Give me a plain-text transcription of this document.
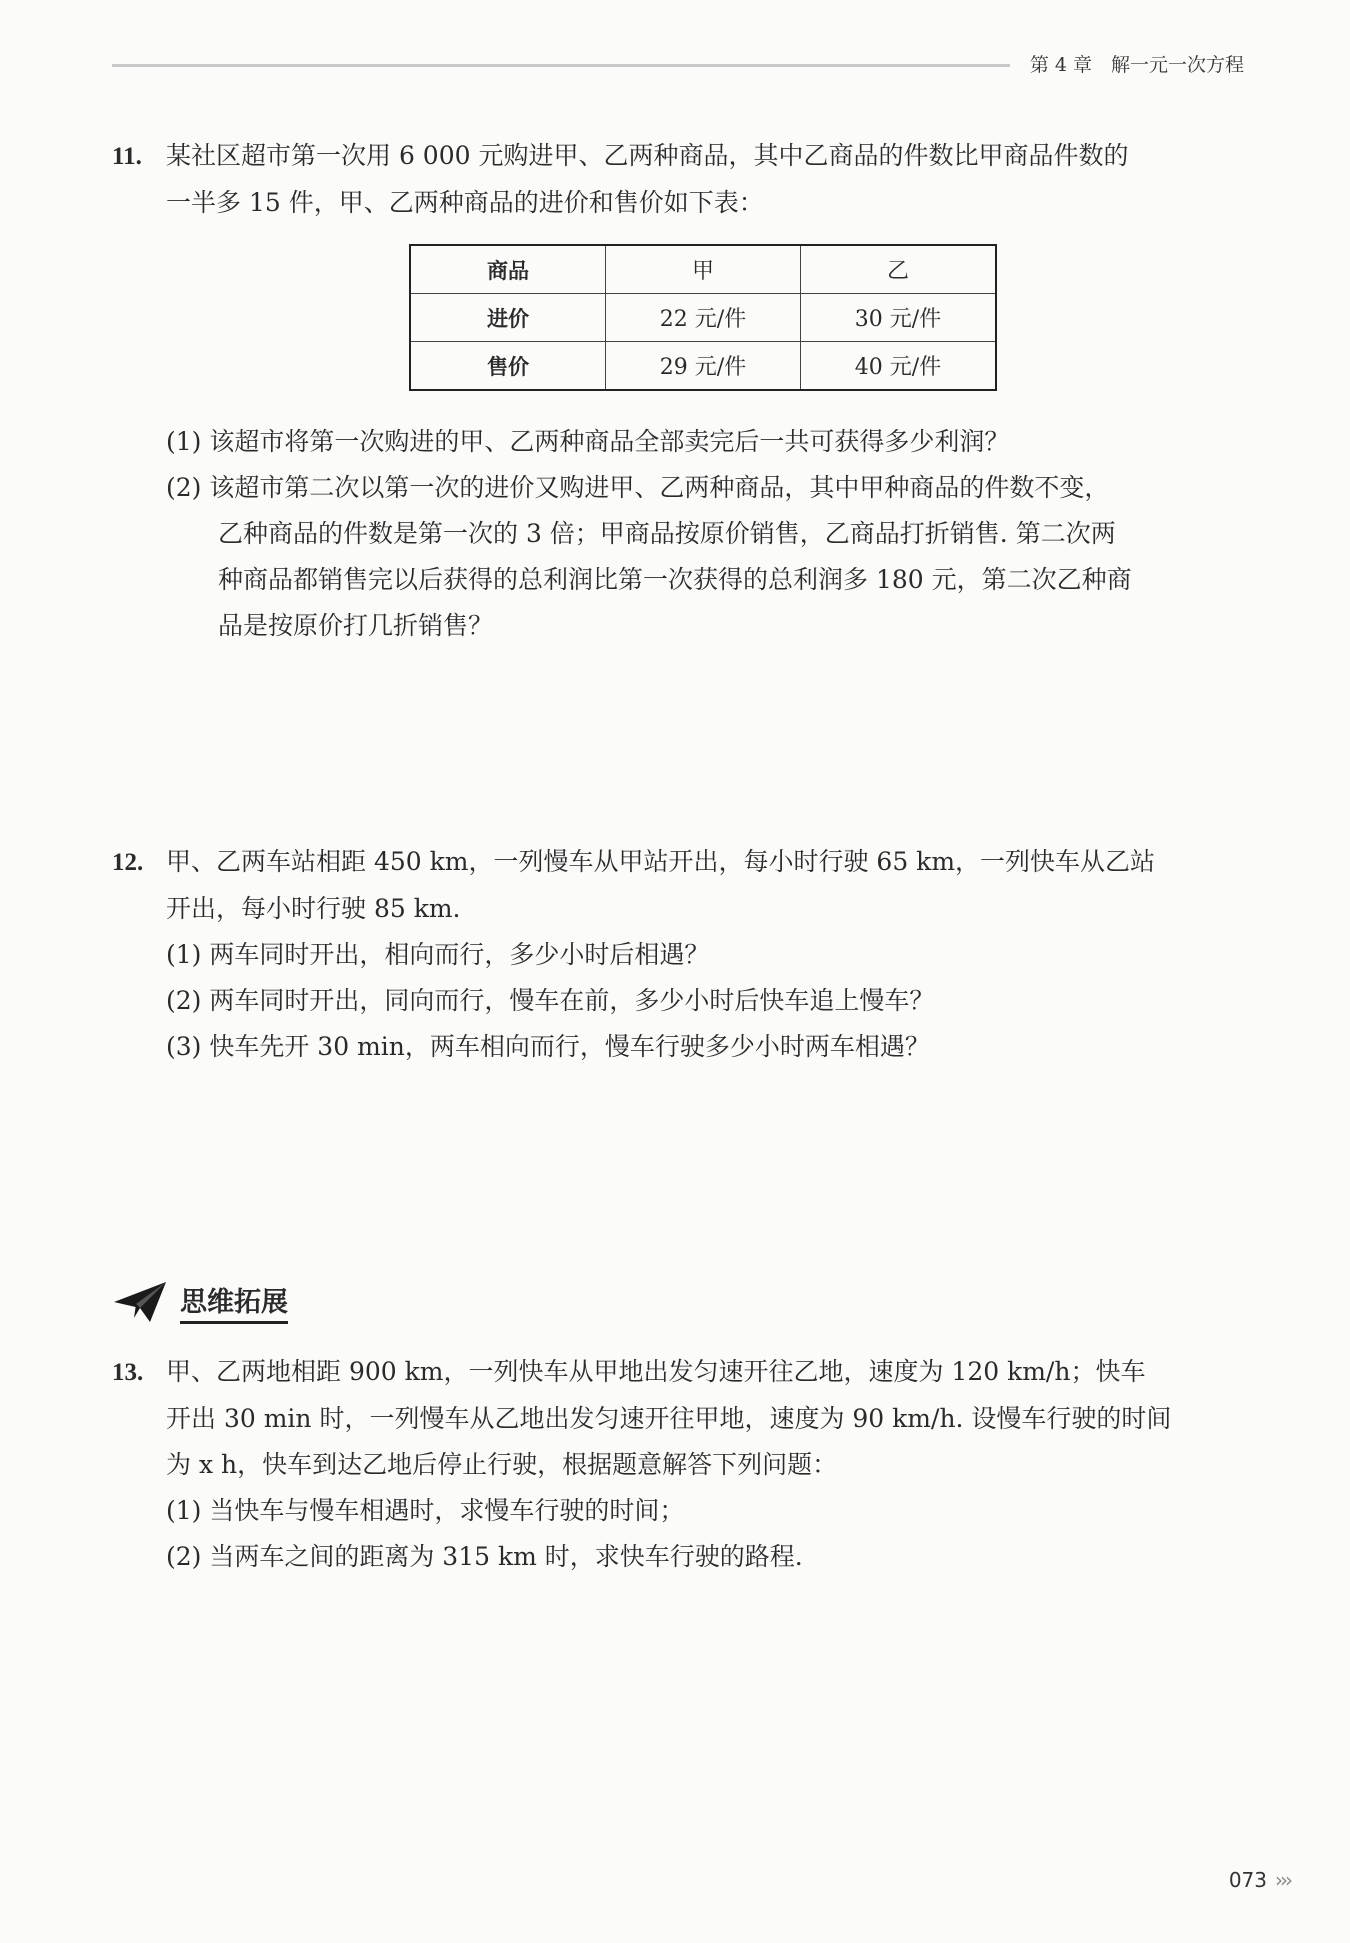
第 4 章　解一元一次方程
11. 某社区超市第一次用 6 000 元购进甲、乙两种商品，其中乙商品的件数比甲商品件数的
一半多 15 件，甲、乙两种商品的进价和售价如下表：
商品	甲	乙
进价	22 元/件	30 元/件
售价	29 元/件	40 元/件
(1) 该超市将第一次购进的甲、乙两种商品全部卖完后一共可获得多少利润？
(2) 该超市第二次以第一次的进价又购进甲、乙两种商品，其中甲种商品的件数不变，
乙种商品的件数是第一次的 3 倍；甲商品按原价销售，乙商品打折销售. 第二次两
种商品都销售完以后获得的总利润比第一次获得的总利润多 180 元，第二次乙种商
品是按原价打几折销售？
12. 甲、乙两车站相距 450 km，一列慢车从甲站开出，每小时行驶 65 km，一列快车从乙站
开出，每小时行驶 85 km.
(1) 两车同时开出，相向而行，多少小时后相遇？
(2) 两车同时开出，同向而行，慢车在前，多少小时后快车追上慢车？
(3) 快车先开 30 min，两车相向而行，慢车行驶多少小时两车相遇？
思维拓展
13. 甲、乙两地相距 900 km，一列快车从甲地出发匀速开往乙地，速度为 120 km/h；快车
开出 30 min 时，一列慢车从乙地出发匀速开往甲地，速度为 90 km/h. 设慢车行驶的时间
为 x h，快车到达乙地后停止行驶，根据题意解答下列问题：
(1) 当快车与慢车相遇时，求慢车行驶的时间；
(2) 当两车之间的距离为 315 km 时，求快车行驶的路程.
073 ›››
